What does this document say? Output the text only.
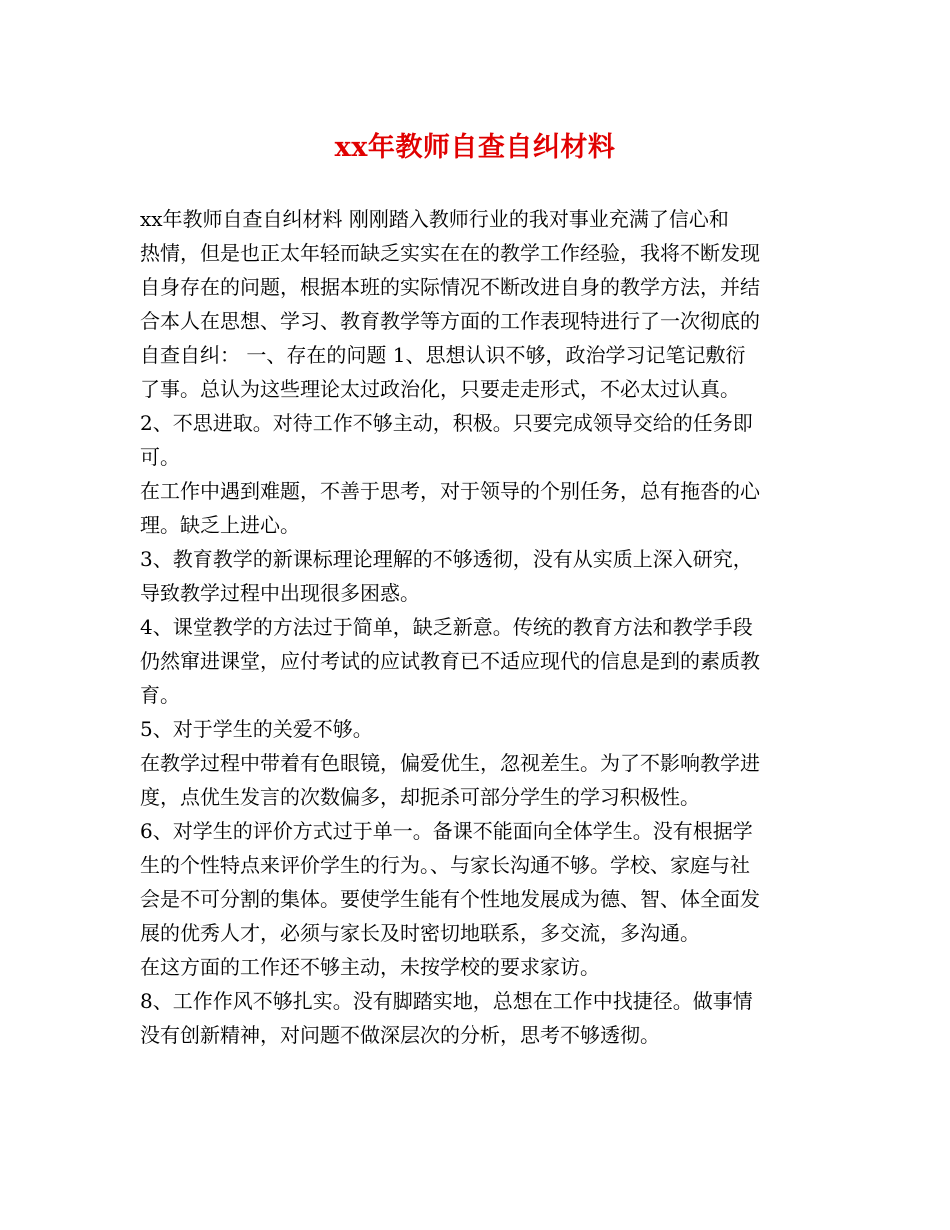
xx年教师自查自纠材料
xx年教师自查自纠材料 刚刚踏入教师行业的我对事业充满了信心和
热情，但是也正太年轻而缺乏实实在在的教学工作经验，我将不断发现
自身存在的问题，根据本班的实际情况不断改进自身的教学方法，并结
合本人在思想、学习、教育教学等方面的工作表现特进行了一次彻底的
自查自纠： 一、存在的问题 1、思想认识不够，政治学习记笔记敷衍
了事。总认为这些理论太过政治化，只要走走形式，不必太过认真。
2、不思进取。对待工作不够主动，积极。只要完成领导交给的任务即
可。
在工作中遇到难题，不善于思考，对于领导的个别任务，总有拖沓的心
理。缺乏上进心。
3、教育教学的新课标理论理解的不够透彻，没有从实质上深入研究，
导致教学过程中出现很多困惑。
4、课堂教学的方法过于简单，缺乏新意。传统的教育方法和教学手段
仍然窜进课堂，应付考试的应试教育已不适应现代的信息是到的素质教
育。
5、对于学生的关爱不够。
在教学过程中带着有色眼镜，偏爱优生，忽视差生。为了不影响教学进
度，点优生发言的次数偏多，却扼杀可部分学生的学习积极性。
6、对学生的评价方式过于单一。备课不能面向全体学生。没有根据学
生的个性特点来评价学生的行为。、与家长沟通不够。学校、家庭与社
会是不可分割的集体。要使学生能有个性地发展成为德、智、体全面发
展的优秀人才，必须与家长及时密切地联系，多交流，多沟通。
在这方面的工作还不够主动，未按学校的要求家访。
8、工作作风不够扎实。没有脚踏实地，总想在工作中找捷径。做事情
没有创新精神，对问题不做深层次的分析，思考不够透彻。
